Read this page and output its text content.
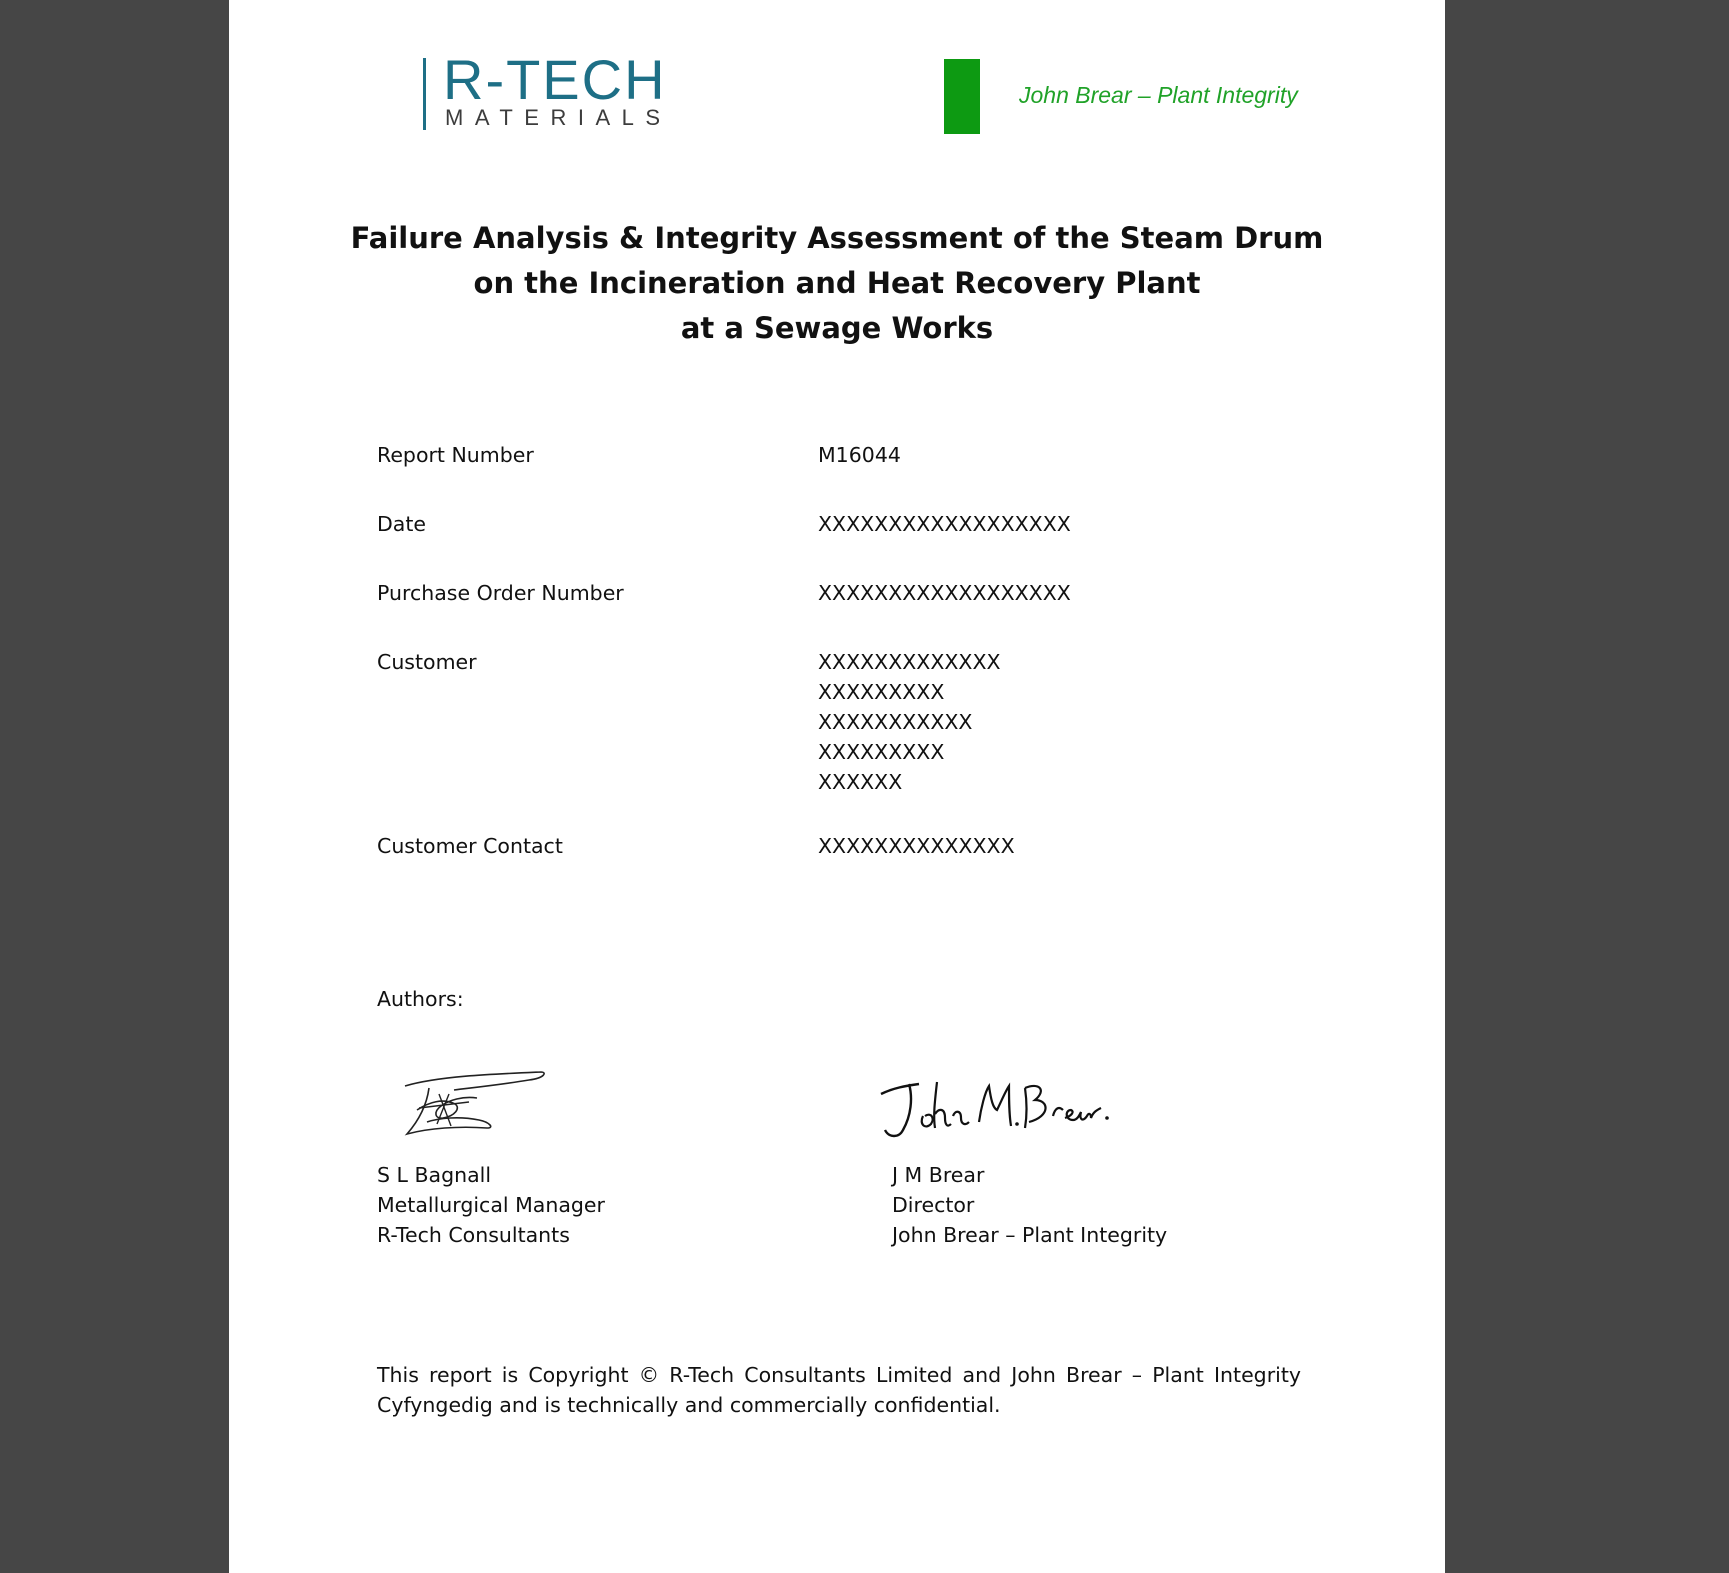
R-TECH
MATERIALS
John Brear – Plant Integrity
Failure Analysis & Integrity Assessment of the Steam Drum
on the Incineration and Heat Recovery Plant
at a Sewage Works
Report Number	M16044
Date	XXXXXXXXXXXXXXXXXX
Purchase Order Number	XXXXXXXXXXXXXXXXXX
Customer	XXXXXXXXXXXXX
XXXXXXXXX
XXXXXXXXXXX
XXXXXXXXX
XXXXXX
Customer Contact	XXXXXXXXXXXXXX
Authors:
S L Bagnall
Metallurgical Manager
R-Tech Consultants
J M Brear
Director
John Brear – Plant Integrity
This report is Copyright © R-Tech Consultants Limited and John Brear – Plant Integrity Cyfyngedig and is technically and commercially confidential.
